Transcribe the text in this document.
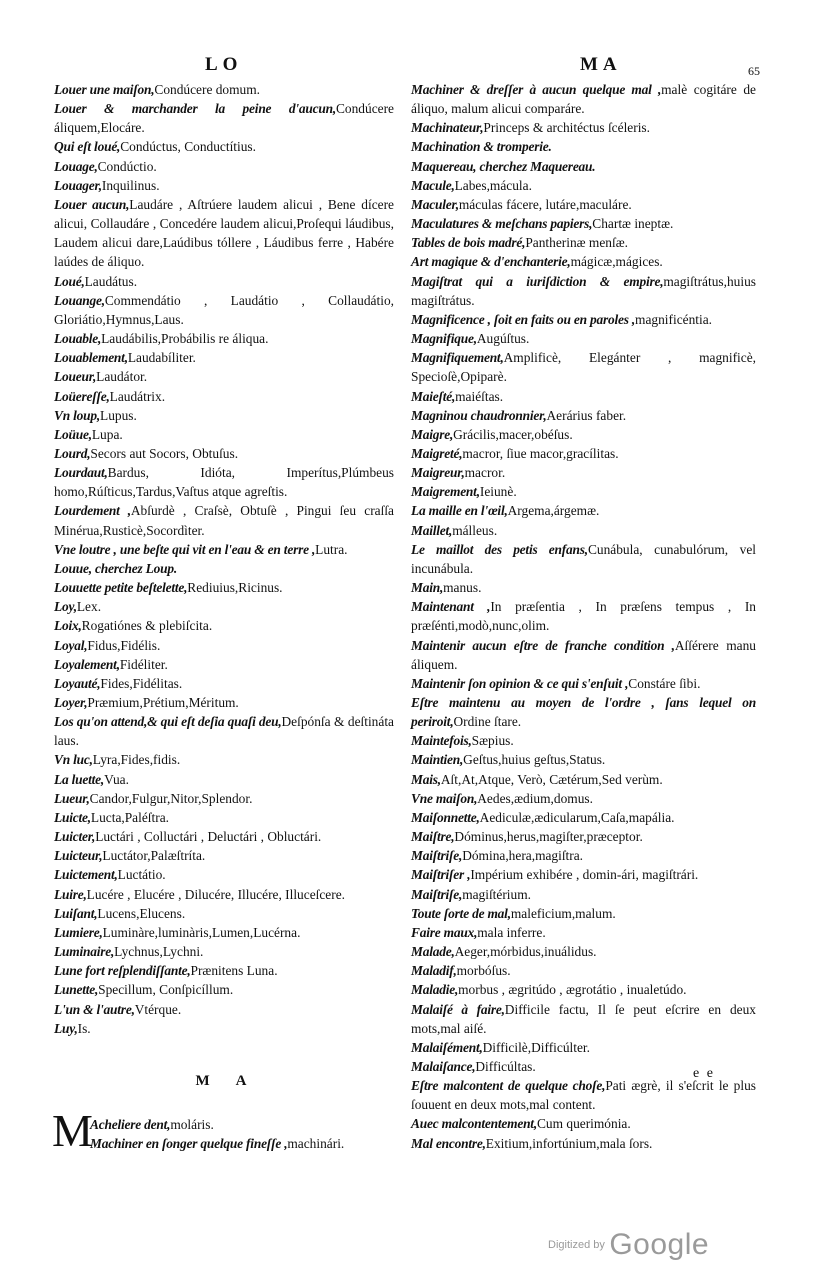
LO	MA	65
Louer une maiſon,Condúcere domum.
Louer & marchander la peine d'aucun,Condúcere áliquem,Elocáre.
Qui eſt loué,Condúctus, Conductítius.
Louage,Condúctio.
Louager,Inquilinus.
Louer aucun,Laudáre , Aſtrúere laudem alicui , Bene dícere alicui, Collaudáre , Concedére laudem alicui,Proſequi láudibus, Laudem alicui dare,Laúdibus tóllere , Láudibus ferre , Habére laúdes de áliquo.
Loué,Laudátus.
Louange,Commendátio , Laudátio , Collaudátio, Gloriátio,Hymnus,Laus.
Louable,Laudábilis,Probábilis re áliqua.
Louablement,Laudabíliter.
Loueur,Laudátor.
Loüereſſe,Laudátrix.
Vn loup,Lupus.
Loüue,Lupa.
Lourd,Secors aut Socors, Obtuſus.
Lourdaut,Bardus, Idióta, Imperítus,Plúmbeus homo,Rúſticus,Tardus,Vaſtus atque agreſtis.
Lourdement ,Abſurdè , Craſsè, Obtuſè , Pingui ſeu craſſa Minérua,Rusticè,Socordìter.
Vne loutre , une beſte qui vit en l'eau & en terre ,Lutra.
Louue, cherchez Loup.
Louuette petite beſtelette,Rediuius,Ricinus.
Loy,Lex.
Loix,Rogatiónes & plebiſcita.
Loyal,Fidus,Fidélis.
Loyalement,Fidéliter.
Loyauté,Fides,Fidélitas.
Loyer,Præmium,Prétium,Méritum.
Los qu'on attend,& qui eſt deſia quaſi deu,Deſpónſa & deſtináta laus.
Vn luc,Lyra,Fides,fidis.
La luette,Vua.
Lueur,Candor,Fulgur,Nitor,Splendor.
Luicte,Lucta,Paléſtra.
Luicter,Luctári , Colluctári , Deluctári , Obluctári.
Luicteur,Luctátor,Palæſtríta.
Luictement,Luctátio.
Luire,Lucére , Elucére , Dilucére, Illucére, Illuceſcere.
Luiſant,Lucens,Elucens.
Lumiere,Luminàre,luminàris,Lumen,Lucérna.
Luminaire,Lychnus,Lychni.
Lune fort reſplendiſſante,Prænitens Luna.
Lunette,Specillum, Conſpicíllum.
L'un & l'autre,Vtérque.
Luy,Is.
MA
M
Acheliere dent,moláris.
Machiner en ſonger quelque fineſſe ,machinári.
Machiner & dreſſer à aucun quelque mal ,malè cogitáre de áliquo, malum alicui comparáre.
Machinateur,Princeps & architéctus ſcéleris.
Machination & tromperie.
Maquereau, cherchez Maquereau.
Macule,Labes,mácula.
Maculer,máculas fácere, lutáre,maculáre.
Maculatures & meſchans papiers,Chartæ ineptæ.
Tables de bois madré,Pantherinæ menſæ.
Art magique & d'enchanterie,mágicæ,mágices.
Magiſtrat qui a iuriſdiction & empire,magiſtrátus,huius magiſtrátus.
Magnificence , ſoit en faits ou en paroles ,magnificéntia.
Magnifique,Augúſtus.
Magnifiquement,Amplificè, Elegánter , magnificè, Specioſè,Opiparè.
Maieſté,maiéſtas.
Magninou chaudronnier,Aerárius faber.
Maigre,Grácilis,macer,obéſus.
Maigreté,macror, ſiue macor,gracílitas.
Maigreur,macror.
Maigrement,Ieiunè.
La maille en l'œil,Argema,árgemæ.
Maillet,málleus.
Le maillot des petis enfans,Cunábula, cunabulórum, vel incunábula.
Main,manus.
Maintenant ,In præſentia , In præſens tempus , In præſénti,modò,nunc,olim.
Maintenir aucun eſtre de franche condition ,Aſſérere manu áliquem.
Maintenir ſon opinion & ce qui s'enſuit ,Constáre ſibi.
Eſtre maintenu au moyen de l'ordre , ſans lequel on periroit,Ordine ſtare.
Maintefois,Sæpius.
Maintien,Geſtus,huius geſtus,Status.
Mais,Aſt,At,Atque, Verò, Cætérum,Sed verùm.
Vne maiſon,Aedes,ædium,domus.
Maiſonnette,Aediculæ,ædicularum,Caſa,mapália.
Maiſtre,Dóminus,herus,magiſter,præceptor.
Maiſtriſe,Dómina,hera,magiſtra.
Maiſtriſer ,Impérium exhibére , domin-ári, magiſtrári.
Maiſtriſe,magiſtérium.
Toute ſorte de mal,maleficium,malum.
Faire maux,mala inferre.
Malade,Aeger,mórbidus,inuálidus.
Maladif,morbóſus.
Maladie,morbus , ægritúdo , ægrotátio , inualetúdo.
Malaiſé à faire,Difficile factu, Il ſe peut eſcrire en deux mots,mal aiſé.
Malaiſément,Difficilè,Difficúlter.
Malaiſance,Difficúltas.
Eſtre malcontent de quelque choſe,Pati ægrè, il s'eſcrit le plus ſouuent en deux mots,mal content.
Auec malcontentement,Cum querimónia.
Mal encontre,Exitium,infortúnium,mala ſors.
e e
$^{Digitized by}$ Google
